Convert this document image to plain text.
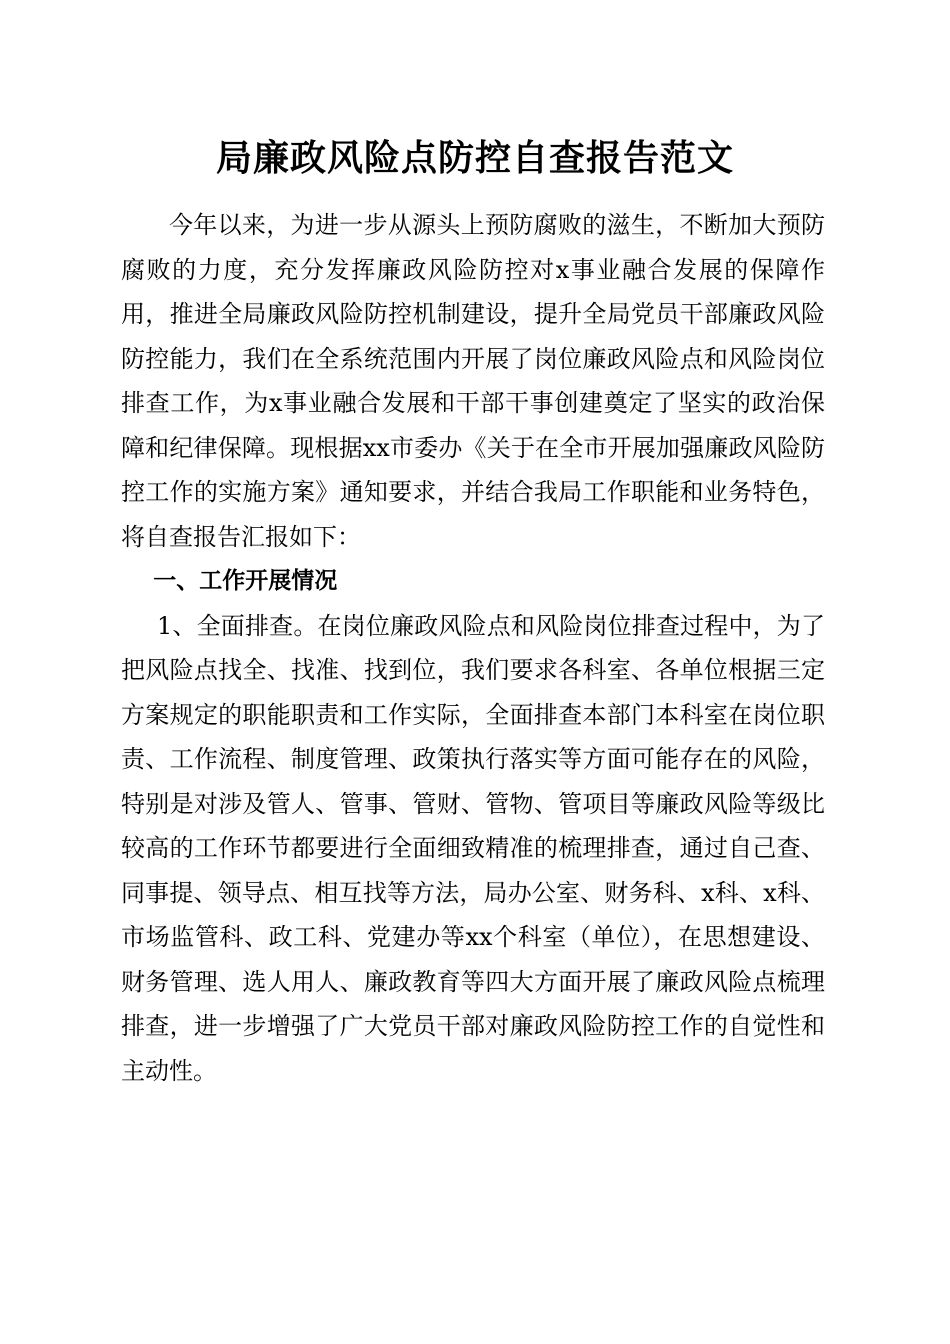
局廉政风险点防控自查报告范文

今年以来，为进一步从源头上预防腐败的滋生，不断加大预防腐败的力度，充分发挥廉政风险防控对x事业融合发展的保障作用，推进全局廉政风险防控机制建设，提升全局党员干部廉政风险防控能力，我们在全系统范围内开展了岗位廉政风险点和风险岗位排查工作，为x事业融合发展和干部干事创建奠定了坚实的政治保障和纪律保障。现根据xx市委办《关于在全市开展加强廉政风险防控工作的实施方案》通知要求，并结合我局工作职能和业务特色，将自查报告汇报如下：

一、工作开展情况

1、全面排查。在岗位廉政风险点和风险岗位排查过程中，为了把风险点找全、找准、找到位，我们要求各科室、各单位根据三定方案规定的职能职责和工作实际，全面排查本部门本科室在岗位职责、工作流程、制度管理、政策执行落实等方面可能存在的风险，特别是对涉及管人、管事、管财、管物、管项目等廉政风险等级比较高的工作环节都要进行全面细致精准的梳理排查，通过自己查、同事提、领导点、相互找等方法，局办公室、财务科、x科、x科、市场监管科、政工科、党建办等xx个科室（单位），在思想建设、财务管理、选人用人、廉政教育等四大方面开展了廉政风险点梳理排查，进一步增强了广大党员干部对廉政风险防控工作的自觉性和主动性。
